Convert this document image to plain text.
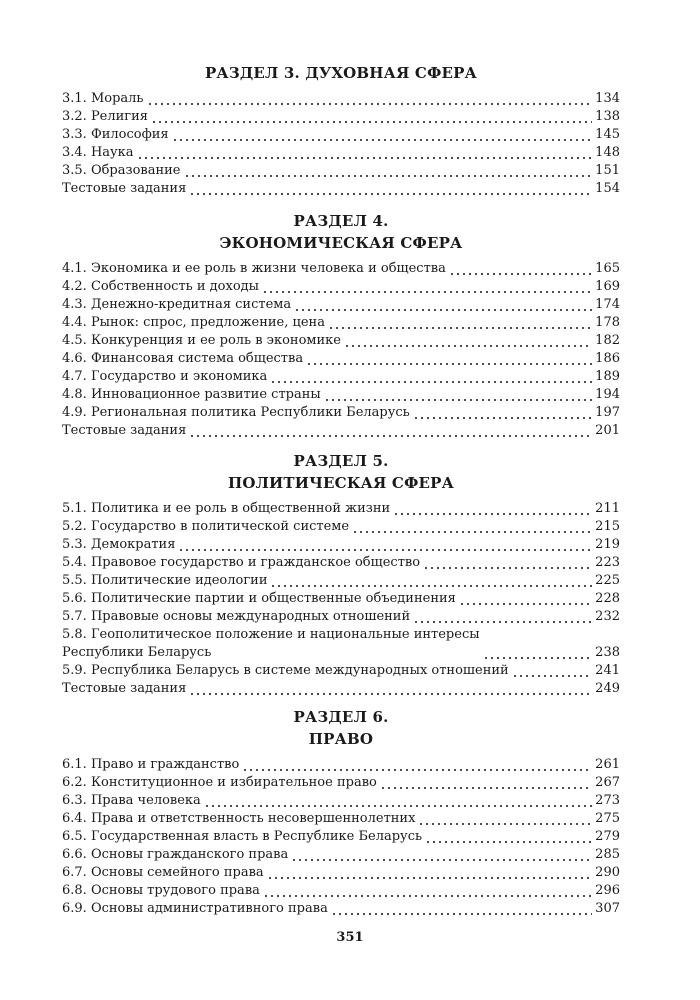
РАЗДЕЛ 3. ДУХОВНАЯ СФЕРА
3.1. Мораль	134
3.2. Религия	138
3.3. Философия	145
3.4. Наука	148
3.5. Образование	151
Тестовые задания	154
РАЗДЕЛ 4.
ЭКОНОМИЧЕСКАЯ СФЕРА
4.1. Экономика и ее роль в жизни человека и общества	165
4.2. Собственность и доходы	169
4.3. Денежно-кредитная система	174
4.4. Рынок: спрос, предложение, цена	178
4.5. Конкуренция и ее роль в экономике	182
4.6. Финансовая система общества	186
4.7. Государство и экономика	189
4.8. Инновационное развитие страны	194
4.9. Региональная политика Республики Беларусь	197
Тестовые задания	201
РАЗДЕЛ 5.
ПОЛИТИЧЕСКАЯ СФЕРА
5.1. Политика и ее роль в общественной жизни	211
5.2. Государство в политической системе	215
5.3. Демократия	219
5.4. Правовое государство и гражданское общество	223
5.5. Политические идеологии	225
5.6. Политические партии и общественные объединения	228
5.7. Правовые основы международных отношений	232
5.8. Геополитическое положение и национальные интересы
Республики Беларусь	238
5.9. Республика Беларусь в системе международных отношений	241
Тестовые задания	249
РАЗДЕЛ 6.
ПРАВО
6.1. Право и гражданство	261
6.2. Конституционное и избирательное право	267
6.3. Права человека	273
6.4. Права и ответственность несовершеннолетних	275
6.5. Государственная власть в Республике Беларусь	279
6.6. Основы гражданского права	285
6.7. Основы семейного права	290
6.8. Основы трудового права	296
6.9. Основы административного права	307
351
